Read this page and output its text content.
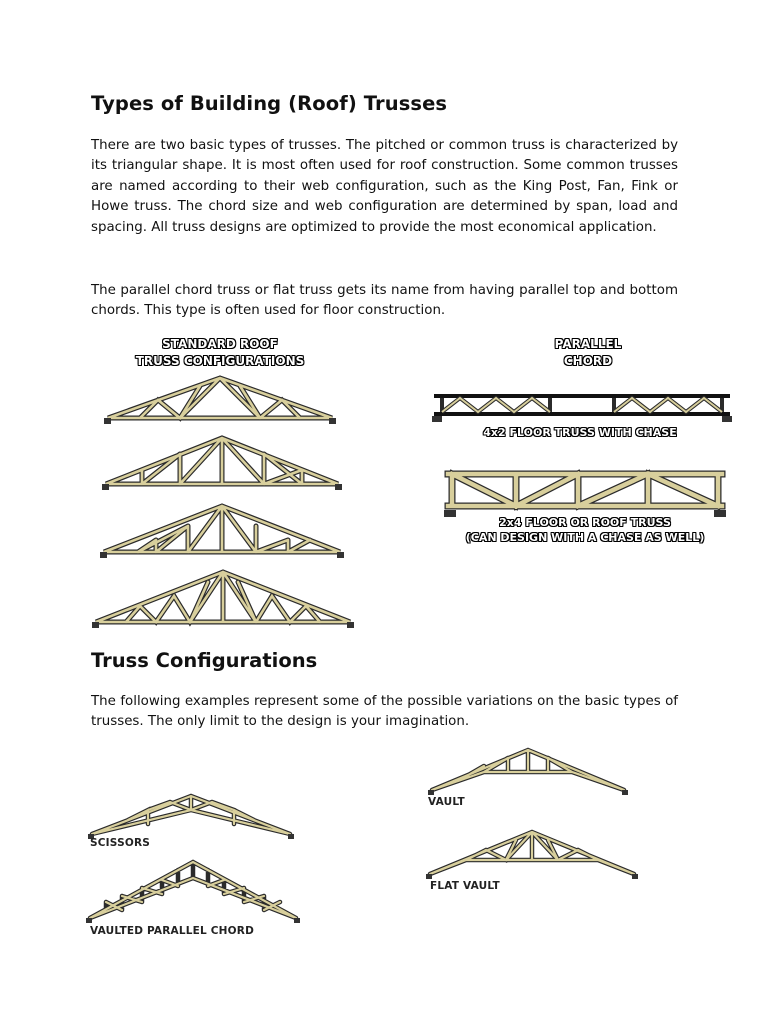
Types of Building (Roof) Trusses

There are two basic types of trusses. The pitched or common truss is characterized by its triangular shape. It is most often used for roof construction. Some common trusses are named according to their web configuration, such as the King Post, Fan, Fink or Howe truss. The chord size and web configuration are determined by span, load and spacing. All truss designs are optimized to provide the most economical application.

The parallel chord truss or flat truss gets its name from having parallel top and bottom chords. This type is often used for floor construction.

STANDARD ROOF
TRUSS CONFIGURATIONS
PARALLEL
CHORD
4x2 FLOOR TRUSS WITH CHASE
2x4 FLOOR OR ROOF TRUSS
(CAN DESIGN WITH A CHASE AS WELL)
Truss Configurations

The following examples represent some of the possible variations on the basic types of trusses. The only limit to the design is your imagination.

VAULT
SCISSORS
FLAT VAULT
VAULTED PARALLEL CHORD
